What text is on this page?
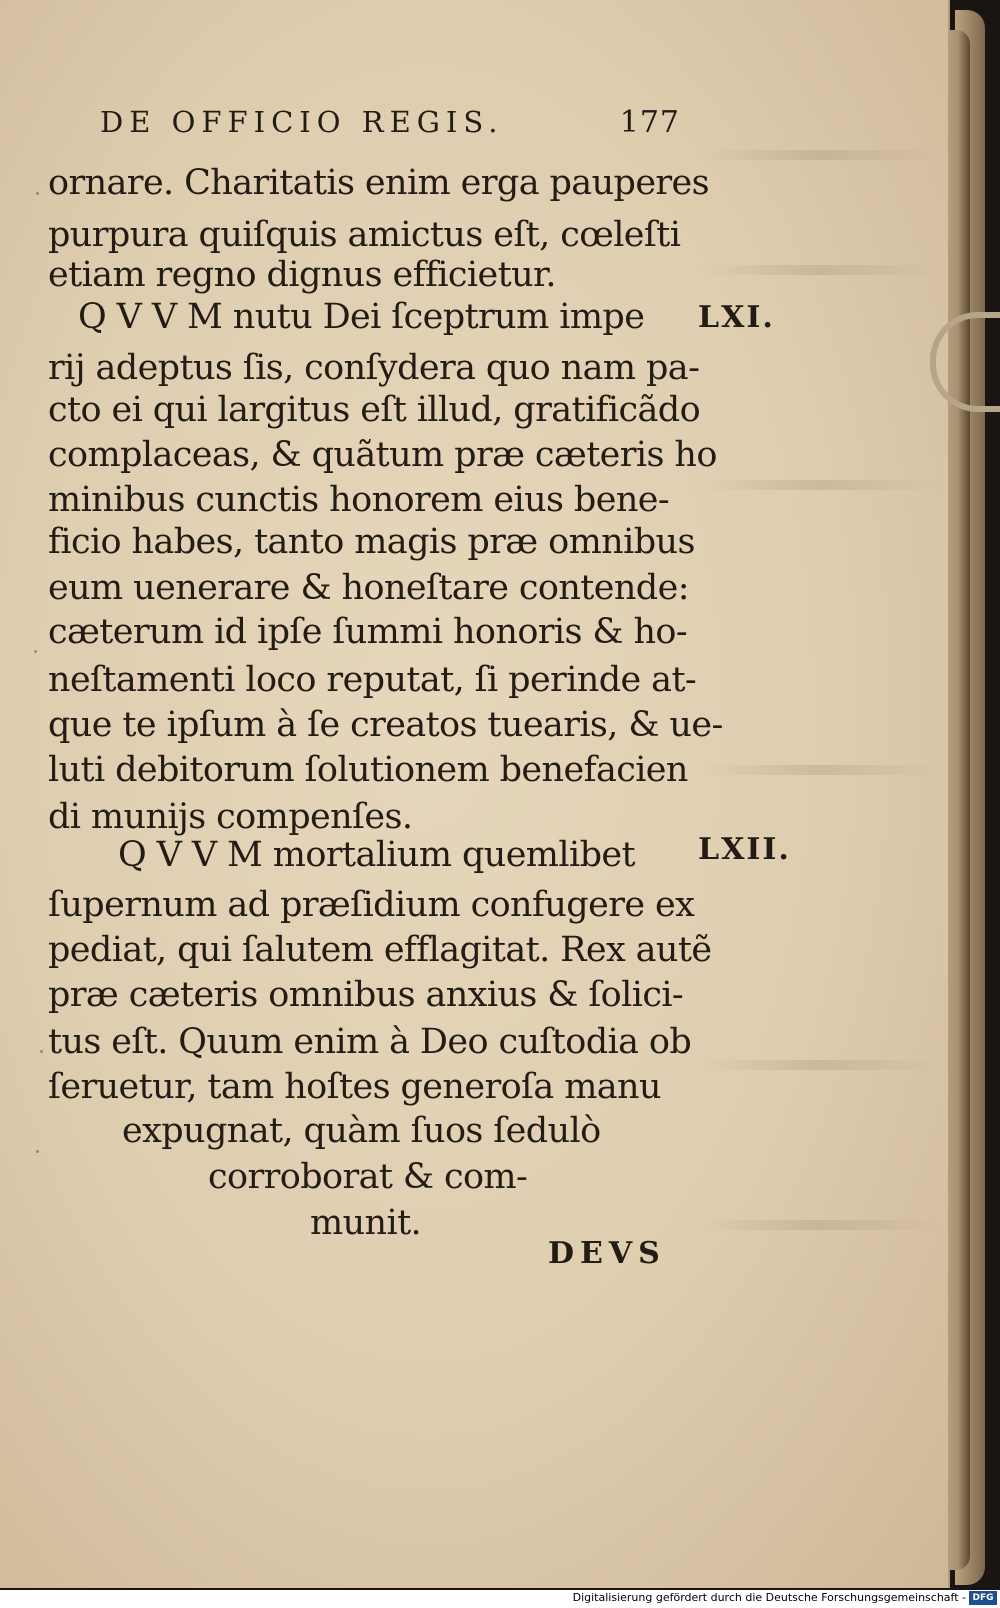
DE OFFICIO REGIS.	177
ornare. Charitatis enim erga pauperes
purpura quiſquis amictus eſt, cœleſti
etiam regno dignus efficietur.
Q V V M nutu Dei ſceptrum impe
rij adeptus ſis, conſydera quo nam pa-
cto ei qui largitus eſt illud, gratificãdo
complaceas, & quãtum præ cæteris ho
minibus cunctis honorem eius bene-
ficio habes, tanto magis præ omnibus
eum uenerare & honeſtare contende:
cæterum id ipſe ſummi honoris & ho-
neſtamenti loco reputat, ſi perinde at-
que te ipſum à ſe creatos tuearis, & ue-
luti debitorum ſolutionem benefacien
di munijs compenſes.
Q V V M mortalium quemlibet
ſupernum ad præſidium confugere ex
pediat, qui ſalutem efflagitat. Rex autẽ
præ cæteris omnibus anxius & ſolici-
tus eſt. Quum enim à Deo cuſtodia ob
ſeruetur, tam hoſtes generoſa manu
expugnat, quàm ſuos ſedulò
corroborat & com-
munit.
LXI.
LXII.
DEVS
Digitalisierung gefördert durch die Deutsche Forschungsgemeinschaft - DFG
